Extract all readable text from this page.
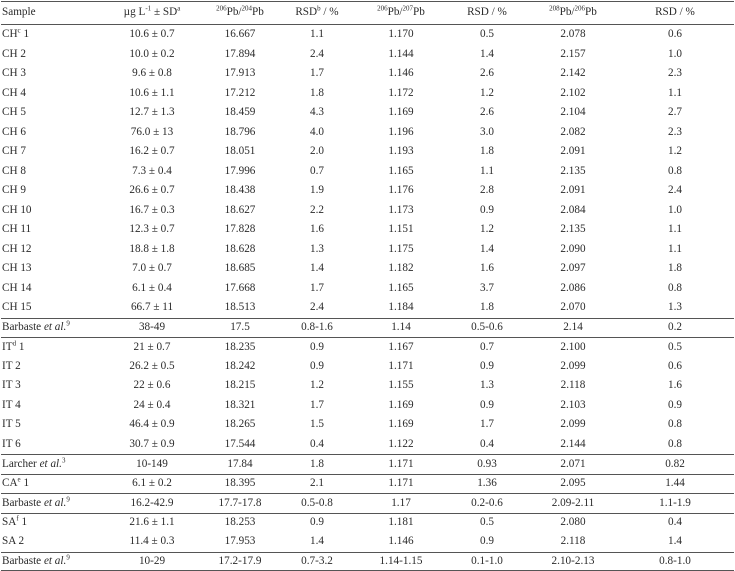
Sample	µg $L^{-1} \pm SD^a$	$^{206}$Pb/$^{204}$Pb	RSD$^b$ / %	$^{206}$Pb/$^{207}$Pb	RSD / %	$^{208}$Pb/$^{206}$Pb	RSD / %
$CH^c$ 1	10.6 ± 0.7	16.667	1.1	1.170	0.5	2.078	0.6
CH 2	10.0 ± 0.2	17.894	2.4	1.144	1.4	2.157	1.0
CH 3	9.6 ± 0.8	17.913	1.7	1.146	2.6	2.142	2.3
CH 4	10.6 ± 1.1	17.212	1.8	1.172	1.2	2.102	1.1
CH 5	12.7 ± 1.3	18.459	4.3	1.169	2.6	2.104	2.7
CH 6	76.0 ± 13	18.796	4.0	1.196	3.0	2.082	2.3
CH 7	16.2 ± 0.7	18.051	2.0	1.193	1.8	2.091	1.2
CH 8	7.3 ± 0.4	17.996	0.7	1.165	1.1	2.135	0.8
CH 9	26.6 ± 0.7	18.438	1.9	1.176	2.8	2.091	2.4
CH 10	16.7 ± 0.3	18.627	2.2	1.173	0.9	2.084	1.0
CH 11	12.3 ± 0.7	17.828	1.6	1.151	1.2	2.135	1.1
CH 12	18.8 ± 1.8	18.628	1.3	1.175	1.4	2.090	1.1
CH 13	7.0 ± 0.7	18.685	1.4	1.182	1.6	2.097	1.8
CH 14	6.1 ± 0.4	17.668	1.7	1.165	3.7	2.086	0.8
CH 15	66.7 ± 11	18.513	2.4	1.184	1.8	2.070	1.3
Barbaste et al.$^9$	38-49	17.5	0.8-1.6	1.14	0.5-0.6	2.14	0.2
$IT^d$ 1	21 ± 0.7	18.235	0.9	1.167	0.7	2.100	0.5
IT 2	26.2 ± 0.5	18.242	0.9	1.171	0.9	2.099	0.6
IT 3	22 ± 0.6	18.215	1.2	1.155	1.3	2.118	1.6
IT 4	24 ± 0.4	18.321	1.7	1.169	0.9	2.103	0.9
IT 5	46.4 ± 0.9	18.265	1.5	1.169	1.7	2.099	0.8
IT 6	30.7 ± 0.9	17.544	0.4	1.122	0.4	2.144	0.8
Larcher et al.$^3$	10-149	17.84	1.8	1.171	0.93	2.071	0.82
$CA^e$ 1	6.1 ± 0.2	18.395	2.1	1.171	1.36	2.095	1.44
Barbaste et al.$^9$	16.2-42.9	17.7-17.8	0.5-0.8	1.17	0.2-0.6	2.09-2.11	1.1-1.9
$SA^f$ 1	21.6 ± 1.1	18.253	0.9	1.181	0.5	2.080	0.4
SA 2	11.4 ± 0.3	17.953	1.4	1.146	0.9	2.118	1.4
Barbaste et al.$^9$	10-29	17.2-17.9	0.7-3.2	1.14-1.15	0.1-1.0	2.10-2.13	0.8-1.0
